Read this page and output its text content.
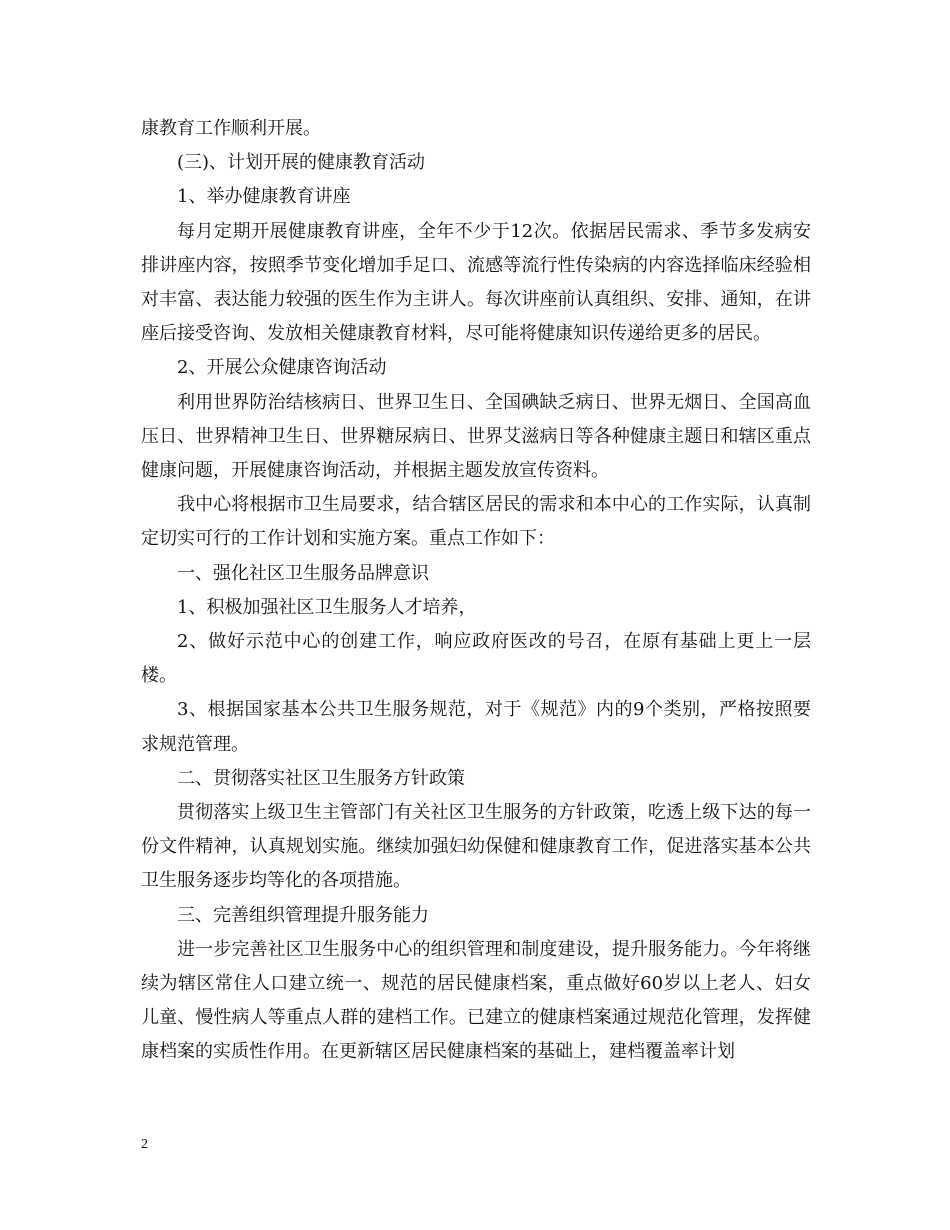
康教育工作顺利开展。

(三)、计划开展的健康教育活动

1、举办健康教育讲座

每月定期开展健康教育讲座，全年不少于12次。依据居民需求、季节多发病安排讲座内容，按照季节变化增加手足口、流感等流行性传染病的内容选择临床经验相对丰富、表达能力较强的医生作为主讲人。每次讲座前认真组织、安排、通知，在讲座后接受咨询、发放相关健康教育材料，尽可能将健康知识传递给更多的居民。

2、开展公众健康咨询活动

利用世界防治结核病日、世界卫生日、全国碘缺乏病日、世界无烟日、全国高血压日、世界精神卫生日、世界糖尿病日、世界艾滋病日等各种健康主题日和辖区重点健康问题，开展健康咨询活动，并根据主题发放宣传资料。

我中心将根据市卫生局要求，结合辖区居民的需求和本中心的工作实际，认真制定切实可行的工作计划和实施方案。重点工作如下：

一、强化社区卫生服务品牌意识

1、积极加强社区卫生服务人才培养，

2、做好示范中心的创建工作，响应政府医改的号召，在原有基础上更上一层楼。

3、根据国家基本公共卫生服务规范，对于《规范》内的9个类别，严格按照要求规范管理。

二、贯彻落实社区卫生服务方针政策

贯彻落实上级卫生主管部门有关社区卫生服务的方针政策，吃透上级下达的每一份文件精神，认真规划实施。继续加强妇幼保健和健康教育工作，促进落实基本公共卫生服务逐步均等化的各项措施。

三、完善组织管理提升服务能力

进一步完善社区卫生服务中心的组织管理和制度建设，提升服务能力。今年将继续为辖区常住人口建立统一、规范的居民健康档案，重点做好60岁以上老人、妇女儿童、慢性病人等重点人群的建档工作。已建立的健康档案通过规范化管理，发挥健康档案的实质性作用。在更新辖区居民健康档案的基础上，建档覆盖率计划

2
